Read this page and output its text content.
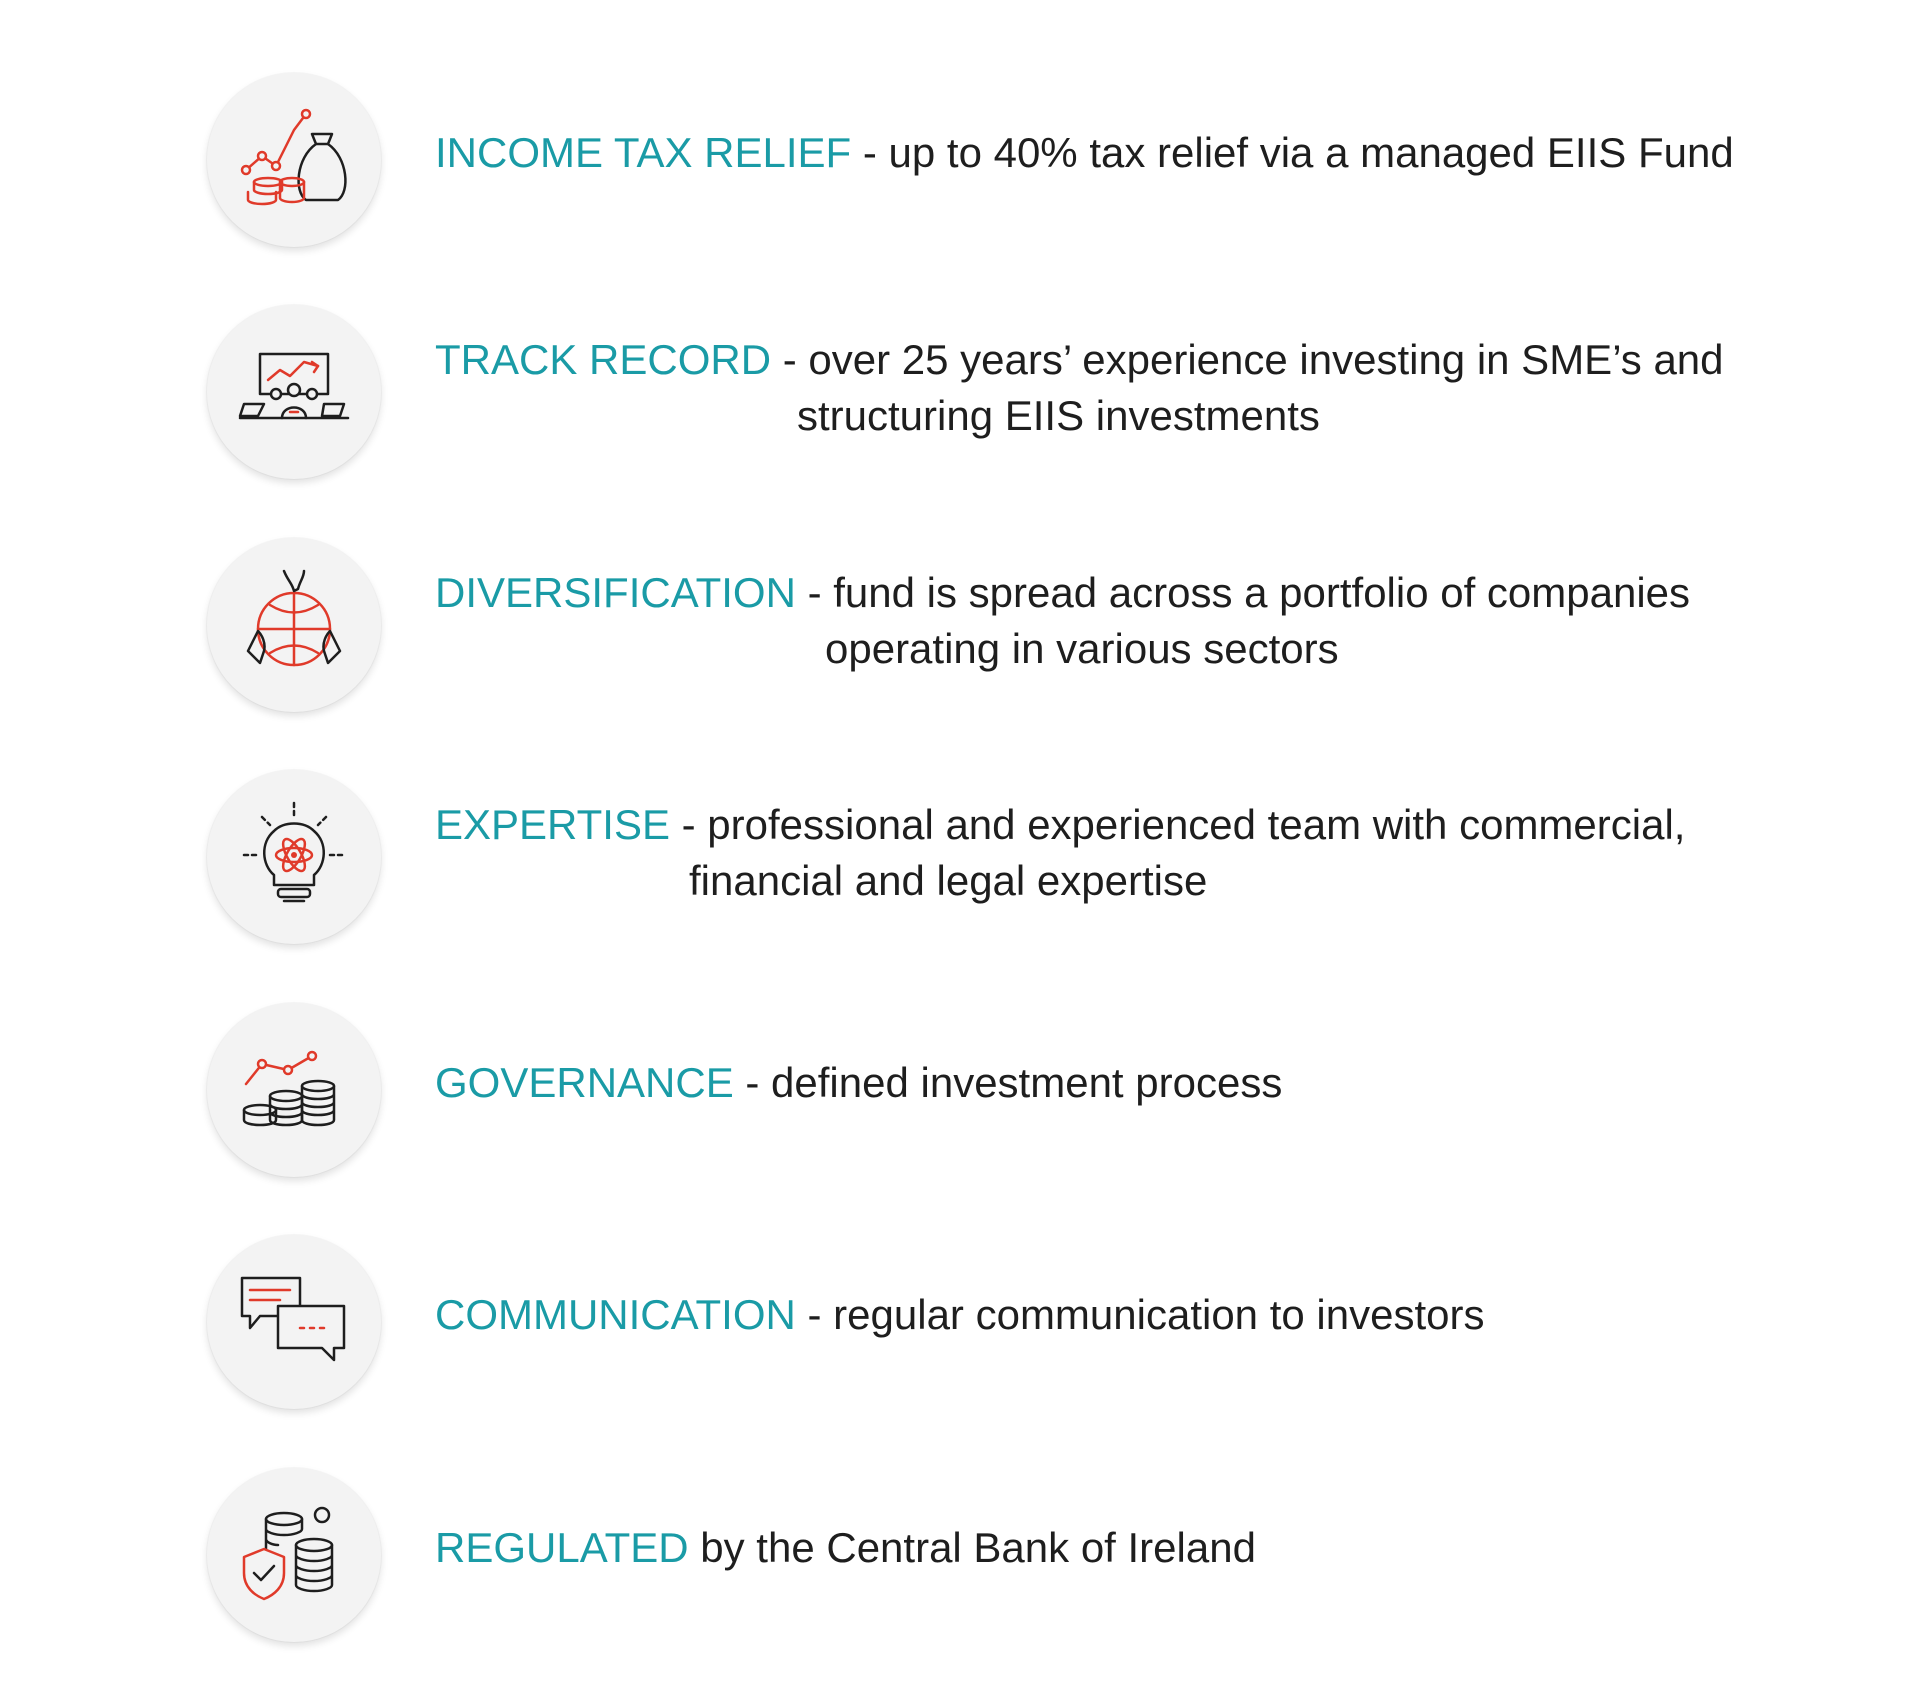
INCOME TAX RELIEF - up to 40% tax relief via a managed EIIS Fund
TRACK RECORD - over 25 years’ experience investing in SME’s and
structuring EIIS investments
DIVERSIFICATION - fund is spread across a portfolio of companies
operating in various sectors
EXPERTISE - professional and experienced team with commercial,
financial and legal expertise
GOVERNANCE - defined investment process
COMMUNICATION - regular communication to investors
REGULATED by the Central Bank of Ireland
